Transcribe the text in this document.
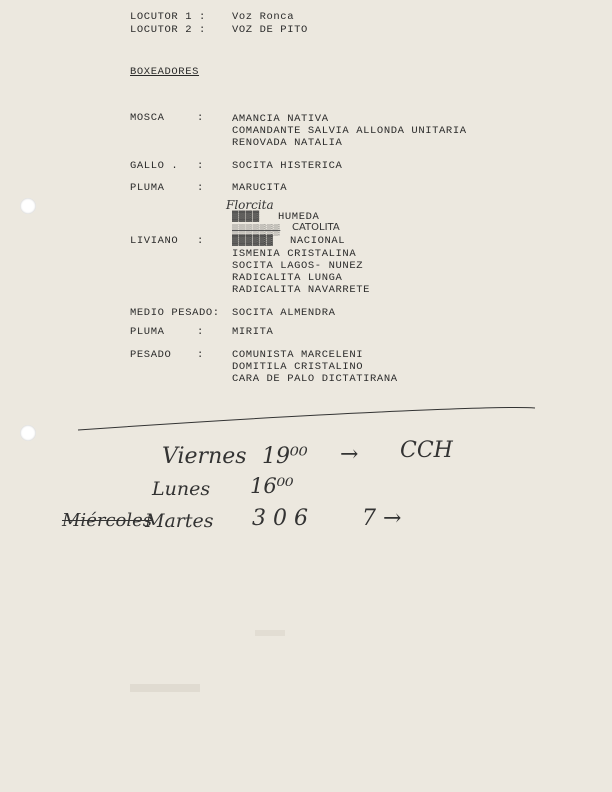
LOCUTOR 1 : Voz Ronca
LOCUTOR 2 : VOZ DE PITO
BOXEADORES
MOSCA	:	AMANCIA NATIVA
COMANDANTE SALVIA ALLONDA UNITARIA
RENOVADA NATALIA
GALLO . :	SOCITA HISTERICA
PLUMA	:	MARUCITA
Florcita
▓▓▓▓ HUMEDA
▒▒▒▒▒▒▒ CATOLITA
LIVIANO :	▓▓▓▓▓▓ NACIONAL
ISMENIA CRISTALINA
SOCITA LAGOS- NUNEZ
RADICALITA LUNGA
RADICALITA NAVARRETE
MEDIO PESADO: SOCITA ALMENDRA
PLUMA	:	MIRITA
PESADO :	COMUNISTA MARCELENI
DOMITILA CRISTALINO
CARA DE PALO DICTATIRANA
Viernes 19⁰⁰ → CCH
Lunes 16⁰⁰
Miércoles
Martes 3 0 6 7 →
